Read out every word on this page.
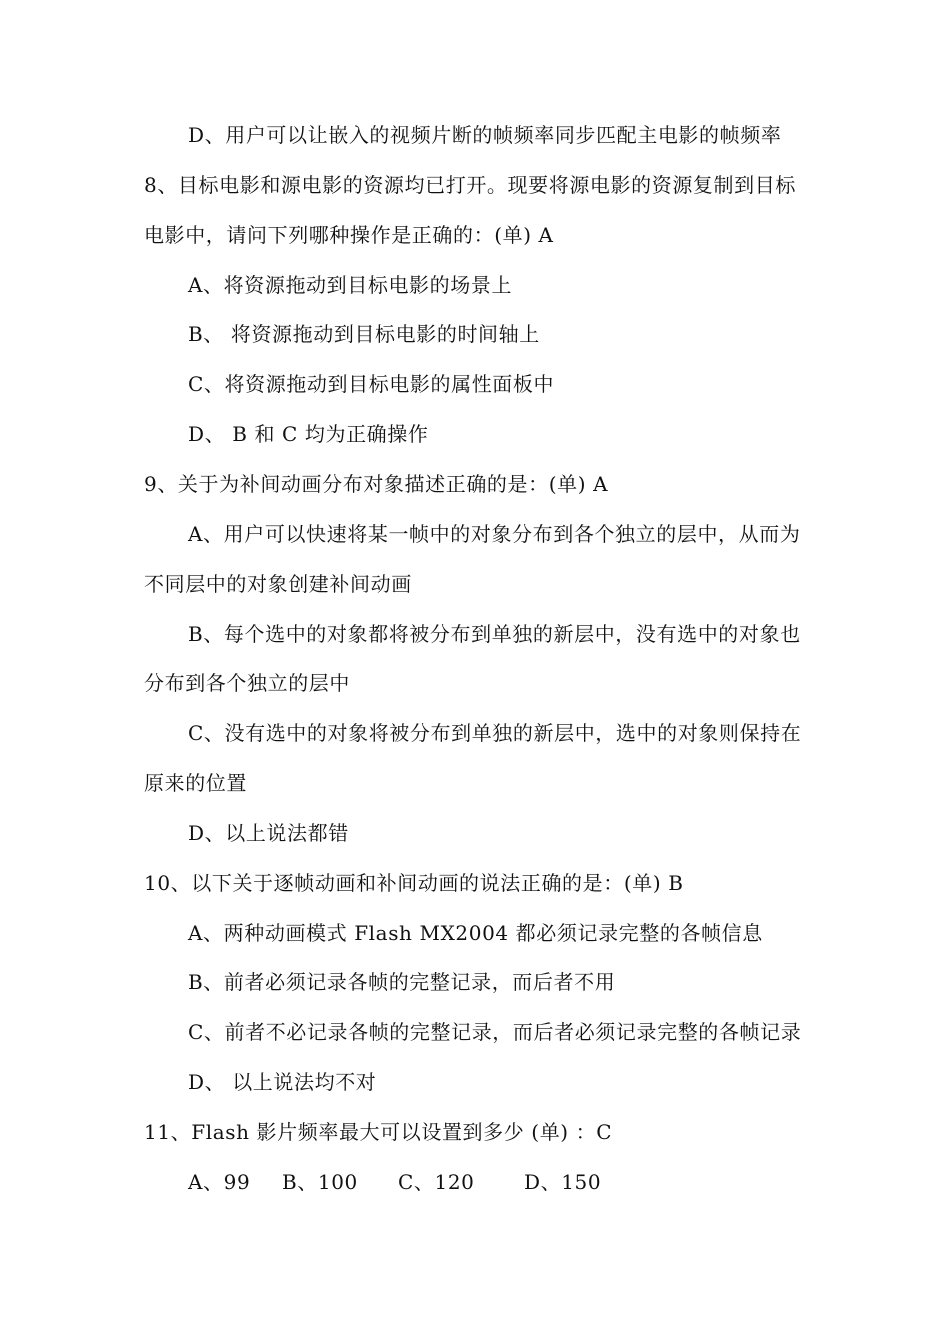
D、用户可以让嵌入的视频片断的帧频率同步匹配主电影的帧频率
8、目标电影和源电影的资源均已打开。现要将源电影的资源复制到目标
电影中，请问下列哪种操作是正确的：(单) A
A、将资源拖动到目标电影的场景上
B、 将资源拖动到目标电影的时间轴上
C、将资源拖动到目标电影的属性面板中
D、 B 和 C 均为正确操作
9、关于为补间动画分布对象描述正确的是：(单) A
A、用户可以快速将某一帧中的对象分布到各个独立的层中，从而为
不同层中的对象创建补间动画
B、每个选中的对象都将被分布到单独的新层中，没有选中的对象也
分布到各个独立的层中
C、没有选中的对象将被分布到单独的新层中，选中的对象则保持在
原来的位置
D、以上说法都错
10、以下关于逐帧动画和补间动画的说法正确的是：(单) B
A、两种动画模式 Flash MX2004 都必须记录完整的各帧信息
B、前者必须记录各帧的完整记录，而后者不用
C、前者不必记录各帧的完整记录，而后者必须记录完整的各帧记录
D、 以上说法均不对
11、Flash 影片频率最大可以设置到多少 (单) ：C
A、99 B、100 C、120 D、150
